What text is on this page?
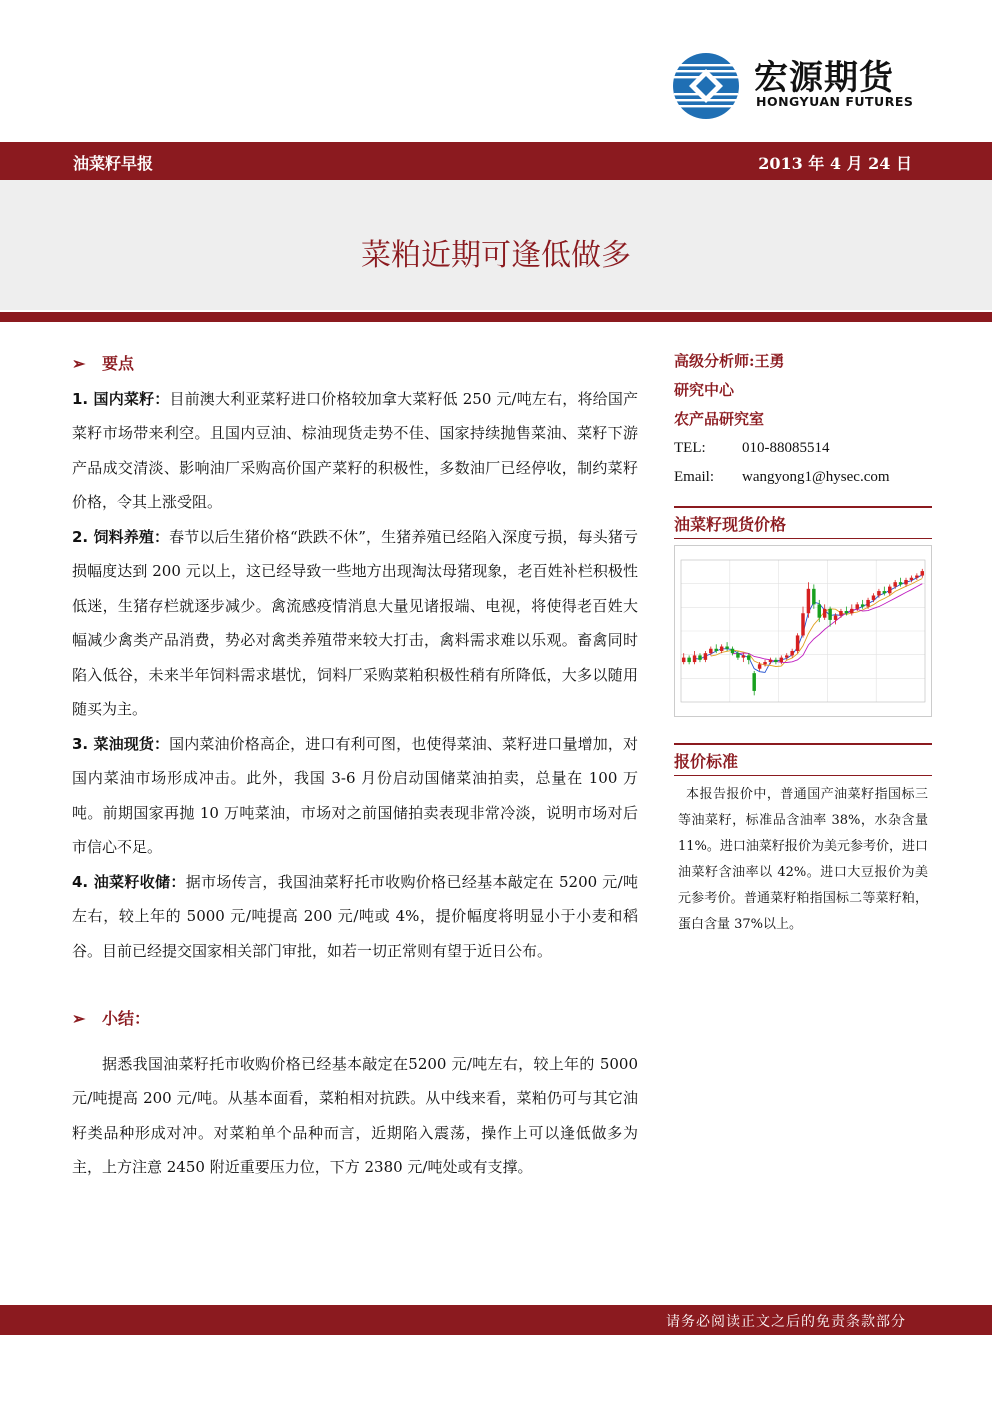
宏源期货
HONGYUAN FUTURES
油菜籽早报	2013 年 4 月 24 日
菜粕近期可逢低做多
➢ 要点
1. 国内菜籽：目前澳大利亚菜籽进口价格较加拿大菜籽低 250 元/吨左右，将给国产菜籽市场带来利空。且国内豆油、棕油现货走势不佳、国家持续抛售菜油、菜籽下游产品成交清淡、影响油厂采购高价国产菜籽的积极性，多数油厂已经停收，制约菜籽价格，令其上涨受阻。
2. 饲料养殖：春节以后生猪价格“跌跌不休”，生猪养殖已经陷入深度亏损，每头猪亏损幅度达到 200 元以上，这已经导致一些地方出现淘汰母猪现象，老百姓补栏积极性低迷，生猪存栏就逐步减少。禽流感疫情消息大量见诸报端、电视，将使得老百姓大幅减少禽类产品消费，势必对禽类养殖带来较大打击，禽料需求难以乐观。畜禽同时陷入低谷，未来半年饲料需求堪忧，饲料厂采购菜粕积极性稍有所降低，大多以随用随买为主。
3. 菜油现货：国内菜油价格高企，进口有利可图，也使得菜油、菜籽进口量增加，对国内菜油市场形成冲击。此外，我国 3-6 月份启动国储菜油拍卖，总量在 100 万吨。前期国家再抛 10 万吨菜油，市场对之前国储拍卖表现非常冷淡，说明市场对后市信心不足。
4. 油菜籽收储：据市场传言，我国油菜籽托市收购价格已经基本敲定在 5200 元/吨左右，较上年的 5000 元/吨提高 200 元/吨或 4%，提价幅度将明显小于小麦和稻谷。目前已经提交国家相关部门审批，如若一切正常则有望于近日公布。
➢ 小结：
据悉我国油菜籽托市收购价格已经基本敲定在5200 元/吨左右，较上年的 5000 元/吨提高 200 元/吨。从基本面看，菜粕相对抗跌。从中线来看，菜粕仍可与其它油籽类品种形成对冲。对菜粕单个品种而言，近期陷入震荡，操作上可以逢低做多为主，上方注意 2450 附近重要压力位，下方 2380 元/吨处或有支撑。
高级分析师:王勇
研究中心
农产品研究室
TEL: 010-88085514
Email: wangyong1@hysec.com
油菜籽现货价格
报价标准
本报告报价中，普通国产油菜籽指国标三等油菜籽，标准品含油率 38%，水杂含量 11%。进口油菜籽报价为美元参考价，进口油菜籽含油率以 42%。进口大豆报价为美元参考价。普通菜籽粕指国标二等菜籽粕，蛋白含量 37%以上。
请务必阅读正文之后的免责条款部分
